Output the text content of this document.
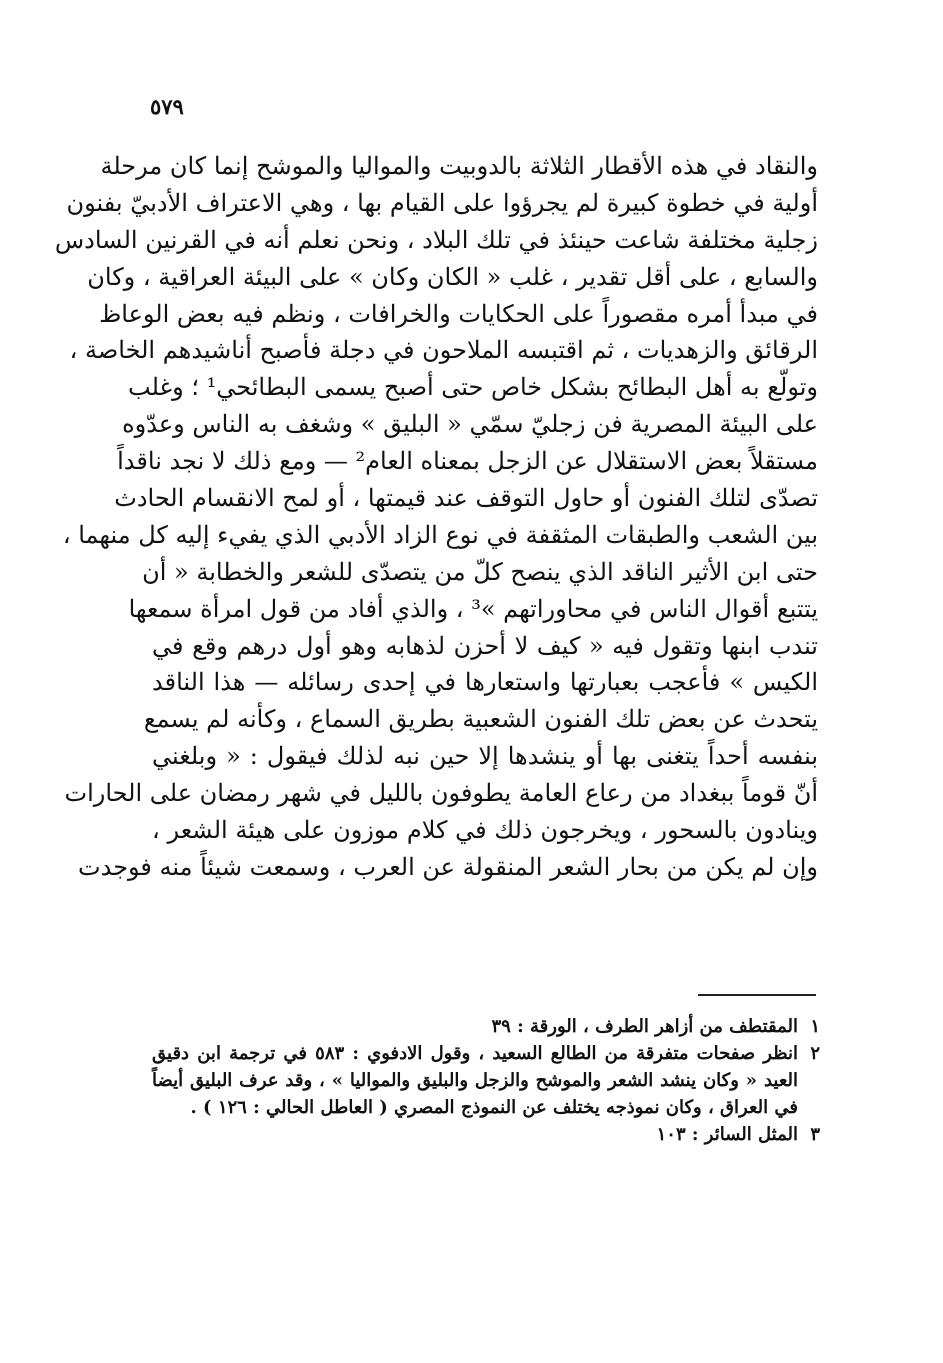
٥٧٩
والنقاد في هذه الأقطار الثلاثة بالدوبيت والمواليا والموشح إنما كان مرحلة
أولية في خطوة كبيرة لم يجرؤوا على القيام بها ، وهي الاعتراف الأدبيّ بفنون
زجلية مختلفة شاعت حينئذ في تلك البلاد ، ونحن نعلم أنه في القرنين السادس
والسابع ، على أقل تقدير ، غلب « الكان وكان » على البيئة العراقية ، وكان
في مبدأ أمره مقصوراً على الحكايات والخرافات ، ونظم فيه بعض الوعاظ
الرقائق والزهديات ، ثم اقتبسه الملاحون في دجلة فأصبح أناشيدهم الخاصة ،
وتولّع به أهل البطائح بشكل خاص حتى أصبح يسمى البطائحي¹ ؛ وغلب
على البيئة المصرية فن زجليّ سمّي « البليق » وشغف به الناس وعدّوه
مستقلاً بعض الاستقلال عن الزجل بمعناه العام² — ومع ذلك لا نجد ناقداً
تصدّى لتلك الفنون أو حاول التوقف عند قيمتها ، أو لمح الانقسام الحادث
بين الشعب والطبقات المثقفة في نوع الزاد الأدبي الذي يفيء إليه كل منهما ،
حتى ابن الأثير الناقد الذي ينصح كلّ من يتصدّى للشعر والخطابة « أن
يتتبع أقوال الناس في محاوراتهم »³ ، والذي أفاد من قول امرأة سمعها
تندب ابنها وتقول فيه « كيف لا أحزن لذهابه وهو أول درهم وقع في
الكيس » فأعجب بعبارتها واستعارها في إحدى رسائله — هذا الناقد
يتحدث عن بعض تلك الفنون الشعبية بطريق السماع ، وكأنه لم يسمع
بنفسه أحداً يتغنى بها أو ينشدها إلا حين نبه لذلك فيقول : « وبلغني
أنّ قوماً ببغداد من رعاع العامة يطوفون بالليل في شهر رمضان على الحارات
وينادون بالسحور ، ويخرجون ذلك في كلام موزون على هيئة الشعر ،
وإن لم يكن من بحار الشعر المنقولة عن العرب ، وسمعت شيئاً منه فوجدت
١
المقتطف من أزاهر الطرف ، الورقة : ٣٩
٢
انظر صفحات متفرقة من الطالع السعيد ، وقول الادفوي : ٥٨٣ في ترجمة ابن دقيق
العيد « وكان ينشد الشعر والموشح والزجل والبليق والمواليا » ، وقد عرف البليق أيضاً
في العراق ، وكان نموذجه يختلف عن النموذج المصري ( العاطل الحالي : ١٢٦ ) .
٣
المثل السائر : ١٠٣
